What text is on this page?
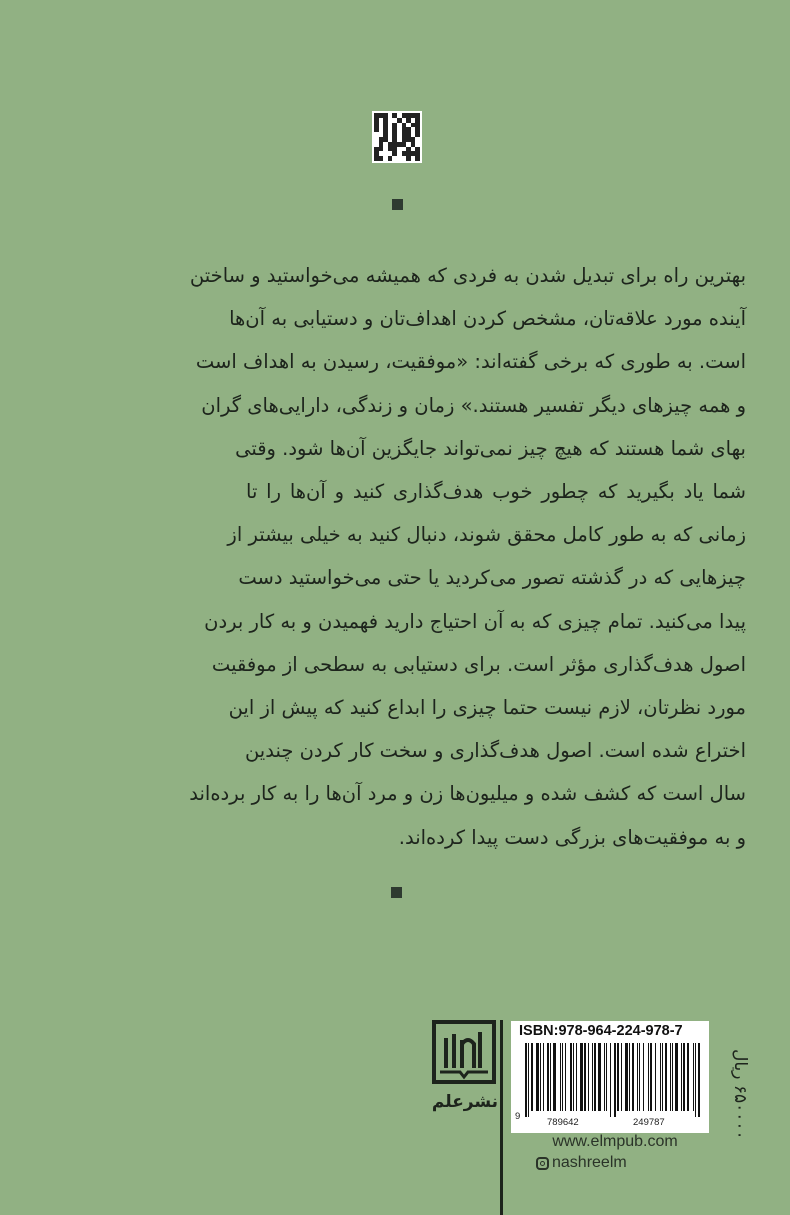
بهترین راه برای تبدیل شدن به فردی که همیشه می‌خواستید و ساختن
آینده مورد علاقه‌تان، مشخص کردن اهداف‌تان و دستیابی به آن‌ها
است. به طوری که برخی گفته‌اند: «موفقیت، رسیدن به اهداف است
و همه چیزهای دیگر تفسیر هستند.» زمان و زندگی، دارایی‌های گران
بهای شما هستند که هیچ چیز نمی‌تواند جایگزین آن‌ها شود. وقتی
شما یاد بگیرید که چطور خوب هدف‌گذاری کنید و آن‌ها را تا
زمانی که به طور کامل محقق شوند، دنبال کنید به خیلی بیشتر از
چیزهایی که در گذشته تصور می‌کردید یا حتی می‌خواستید دست
پیدا می‌کنید. تمام چیزی که به آن احتیاج دارید فهمیدن و به کار بردن
اصول هدف‌گذاری مؤثر است. برای دستیابی به سطحی از موفقیت
مورد نظرتان، لازم نیست حتما چیزی را ابداع کنید که پیش از این
اختراع شده است. اصول هدف‌گذاری و سخت کار کردن چندین
سال است که کشف شده و میلیون‌ها زن و مرد آن‌ها را به کار برده‌اند
و به موفقیت‌های بزرگی دست پیدا کرده‌اند.
نشرعلم
ISBN:978-964-224-978-7
9
789642	249787
www.elmpub.com
nashreelm
۶۵۰۰۰۰ ریال
